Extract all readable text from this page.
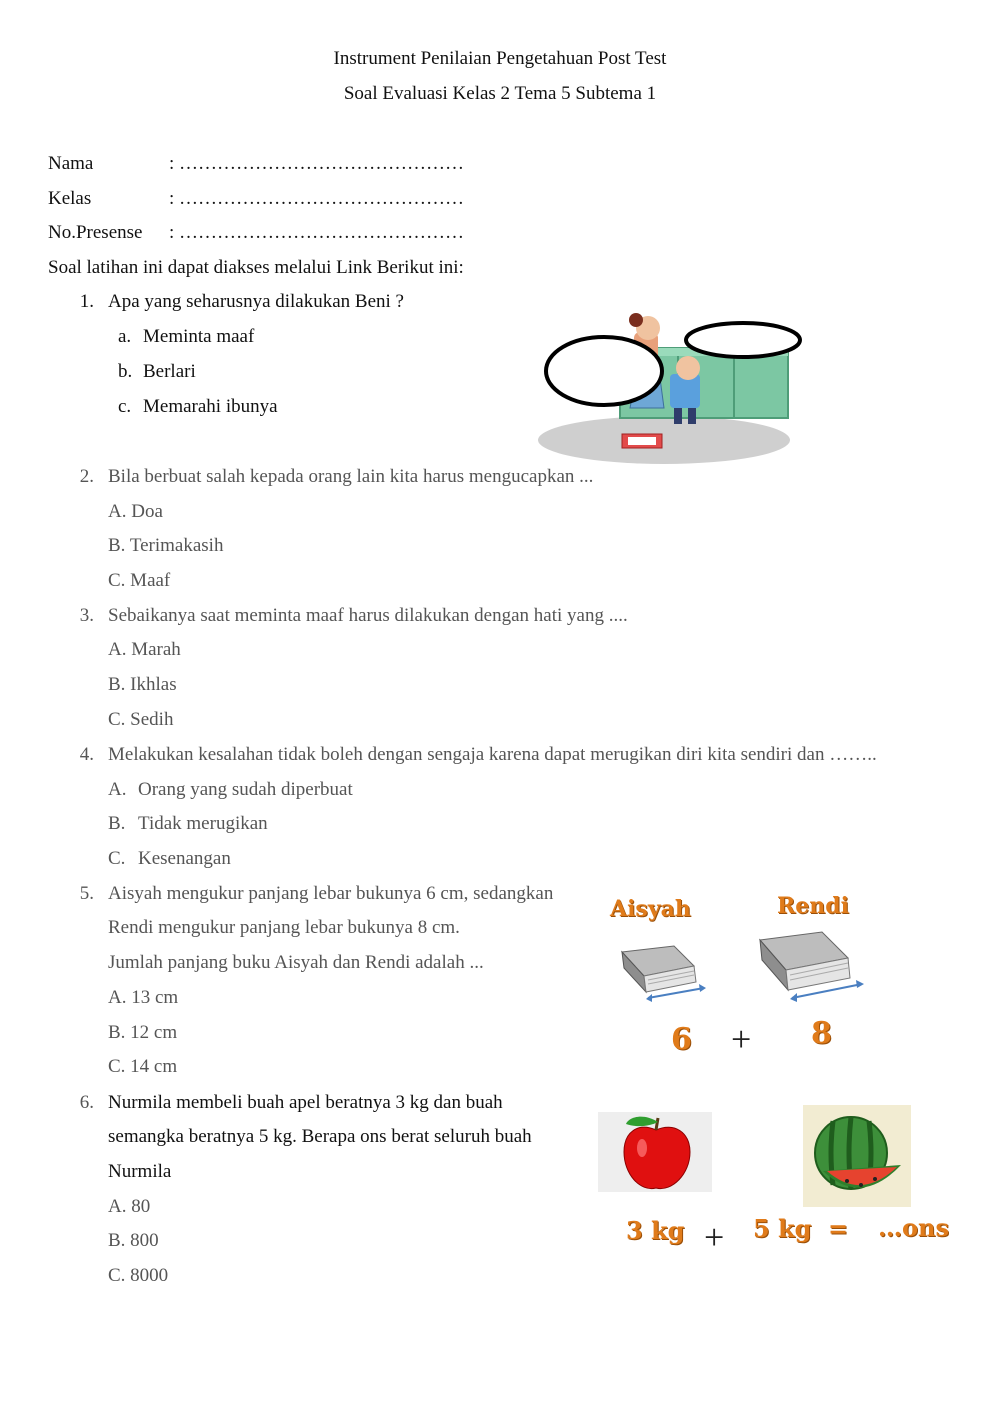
Instrument Penilaian Pengetahuan Post Test
Soal Evaluasi Kelas 2 Tema 5 Subtema 1
Nama	: ………………………………………
Kelas	: ………………………………………
No.Presense : ………………………………………
Soal latihan ini dapat diakses melalui Link Berikut ini:
1. Apa yang seharusnya dilakukan Beni ?
a. Meminta maaf
b. Berlari
c. Memarahi ibunya
2. Bila berbuat salah kepada orang lain kita harus mengucapkan ...
A. Doa
B. Terimakasih
C. Maaf
3. Sebaikanya saat meminta maaf harus dilakukan dengan hati yang ....
A. Marah
B. Ikhlas
C. Sedih
4. Melakukan kesalahan tidak boleh dengan sengaja karena dapat merugikan diri kita sendiri dan ……..
A. Orang yang sudah diperbuat
B. Tidak merugikan
C. Kesenangan
5. Aisyah mengukur panjang lebar bukunya 6 cm, sedangkan
Rendi mengukur panjang lebar bukunya 8 cm.
Jumlah panjang buku Aisyah dan Rendi adalah ...
A. 13 cm
B. 12 cm
C. 14 cm
Aisyah	Rendi
6 + 8
6. Nurmila membeli buah apel beratnya 3 kg dan buah
semangka beratnya 5 kg. Berapa ons berat seluruh buah
Nurmila
A. 80
B. 800
C. 8000
3 kg + 5 kg = …ons
